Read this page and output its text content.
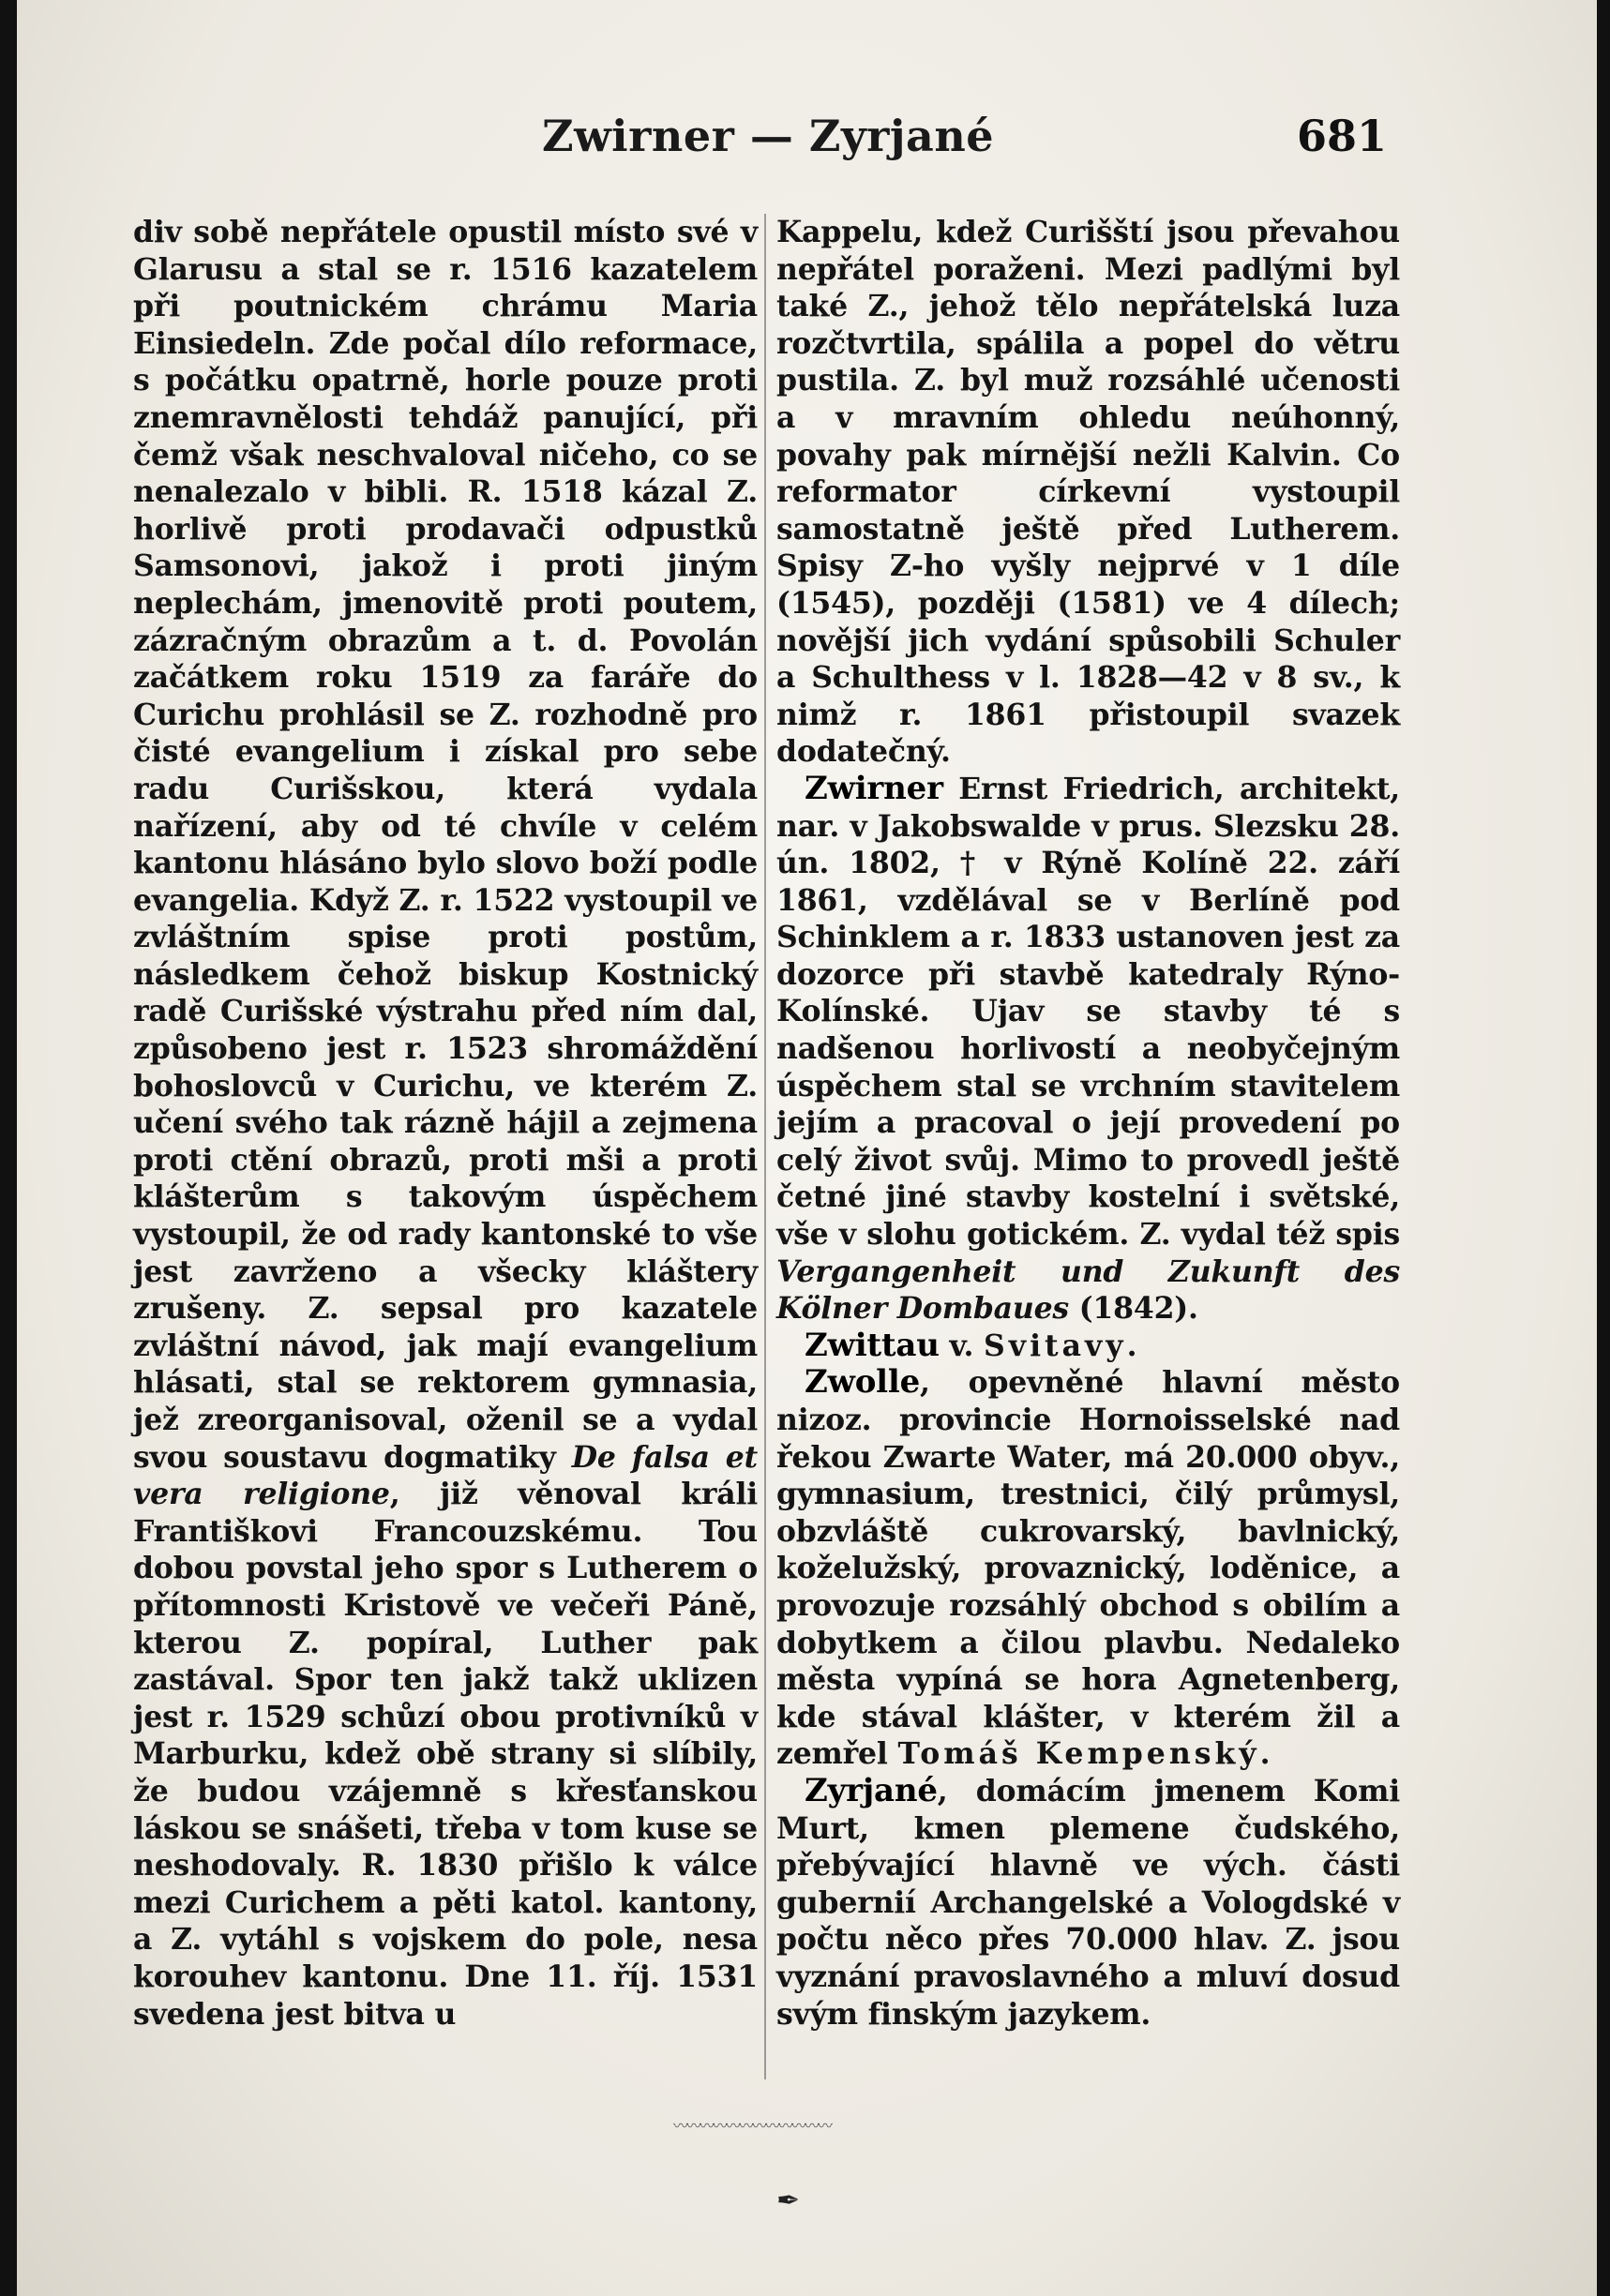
Zwirner — Zyrjané	681

div sobě nepřátele opustil místo své v Glarusu a stal se r. 1516 kazatelem při poutnickém chrámu Maria Einsiedeln. Zde počal dílo reformace, s počátku opatrně, horle pouze proti znemravnělosti tehdáž panující, při čemž však neschvaloval ničeho, co se nenalezalo v bibli. R. 1518 kázal Z. horlivě proti prodavači odpustků Samsonovi, jakož i proti jiným neplechám, jmenovitě proti poutem, zázračným obrazům a t. d. Povolán začátkem roku 1519 za faráře do Curichu prohlásil se Z. rozhodně pro čisté evangelium i získal pro sebe radu Curišskou, která vydala nařízení, aby od té chvíle v celém kantonu hlásáno bylo slovo boží podle evangelia. Když Z. r. 1522 vystoupil ve zvláštním spise proti postům, následkem čehož biskup Kostnický radě Curišské výstrahu před ním dal, způsobeno jest r. 1523 shromáždění bohoslovců v Curichu, ve kterém Z. učení svého tak rázně hájil a zejmena proti ctění obrazů, proti mši a proti klášterům s takovým úspěchem vystoupil, že od rady kantonské to vše jest zavrženo a všecky kláštery zrušeny. Z. sepsal pro kazatele zvláštní návod, jak mají evangelium hlásati, stal se rektorem gymnasia, jež zreorganisoval, oženil se a vydal svou soustavu dogmatiky De falsa et vera religione, již věnoval králi Františkovi Francouzskému. Tou dobou povstal jeho spor s Lutherem o přítomnosti Kristově ve večeři Páně, kterou Z. popíral, Luther pak zastával. Spor ten jakž takž uklizen jest r. 1529 schůzí obou protivníků v Marburku, kdež obě strany si slíbily, že budou vzájemně s křesťanskou láskou se snášeti, třeba v tom kuse se neshodovaly. R. 1830 přišlo k válce mezi Curichem a pěti katol. kantony, a Z. vytáhl s vojskem do pole, nesa korouhev kantonu. Dne 11. říj. 1531 svedena jest bitva u

Kappelu, kdež Curišští jsou převahou nepřátel poraženi. Mezi padlými byl také Z., jehož tělo nepřátelská luza rozčtvrtila, spálila a popel do větru pustila. Z. byl muž rozsáhlé učenosti a v mravním ohledu neúhonný, povahy pak mírnější nežli Kalvin. Co reformator církevní vystoupil samostatně ještě před Lutherem. Spisy Z-ho vyšly nejprvé v 1 díle (1545), později (1581) ve 4 dílech; novější jich vydání spůsobili Schuler a Schulthess v l. 1828—42 v 8 sv., k nimž r. 1861 přistoupil svazek dodatečný.

Zwirner Ernst Friedrich, architekt, nar. v Jakobswalde v prus. Slezsku 28. ún. 1802, † v Rýně Kolíně 22. září 1861, vzdělával se v Berlíně pod Schinklem a r. 1833 ustanoven jest za dozorce při stavbě katedraly Rýno-Kolínské. Ujav se stavby té s nadšenou horlivostí a neobyčejným úspěchem stal se vrchním stavitelem jejím a pracoval o její provedení po celý život svůj. Mimo to provedl ještě četné jiné stavby kostelní i světské, vše v slohu gotickém. Z. vydal též spis Vergangenheit und Zukunft des Kölner Dombaues (1842).

Zwittau v. Svitavy.

Zwolle, opevněné hlavní město nizoz. provincie Hornoisselské nad řekou Zwarte Water, má 20.000 obyv., gymnasium, trestnici, čilý průmysl, obzvláště cukrovarský, bavlnický, koželužský, provaznický, loděnice, a provozuje rozsáhlý obchod s obilím a dobytkem a čilou plavbu. Nedaleko města vypíná se hora Agnetenberg, kde stával klášter, v kterém žil a zemřel Tomáš Kempenský.

Zyrjané, domácím jmenem Komi Murt, kmen plemene čudského, přebývající hlavně ve vých. části gubernií Archangelské a Vologdské v počtu něco přes 70.000 hlav. Z. jsou vyznání pravoslavného a mluví dosud svým finským jazykem.

〰〰〰〰〰〰〰〰〰〰〰〰
✒
